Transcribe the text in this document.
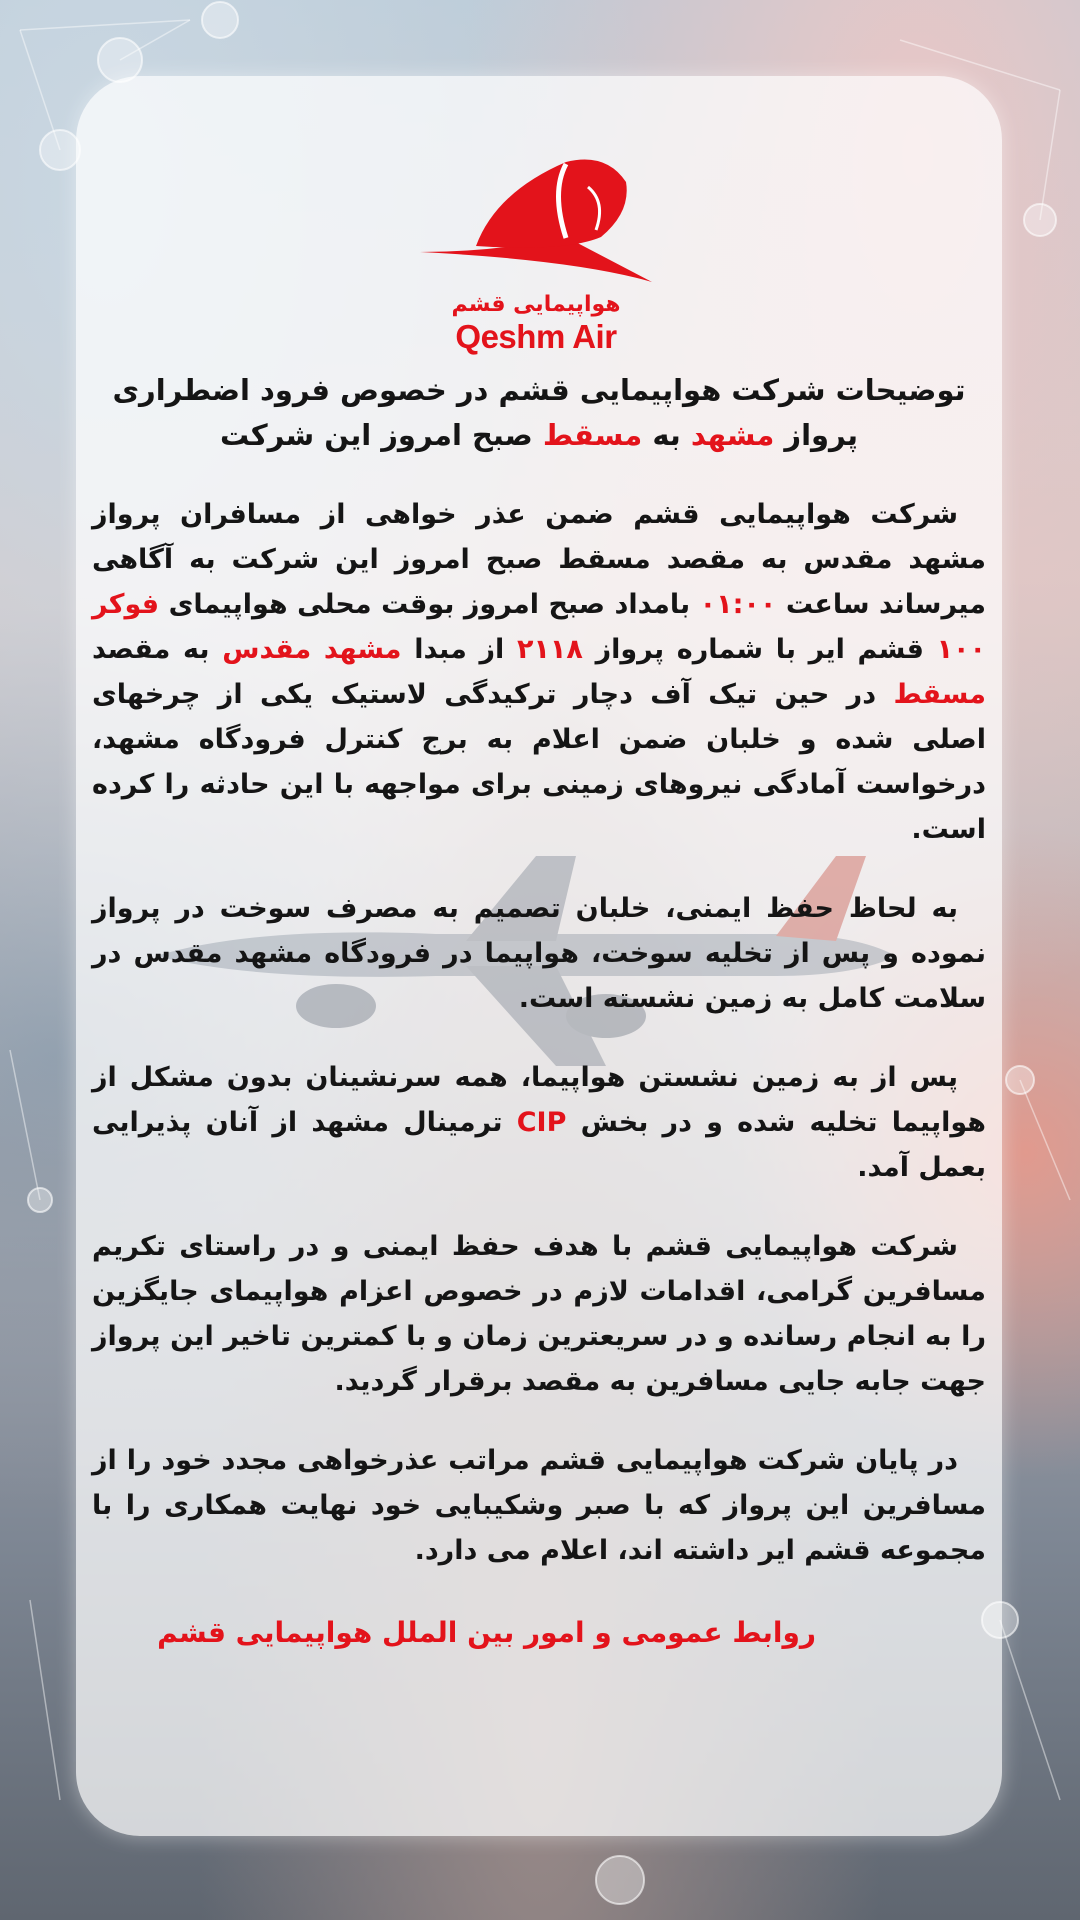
هواپیمایی قشم
Qeshm Air

توضیحات شرکت هواپیمایی قشم در خصوص فرود اضطراری پرواز مشهد به مسقط صبح امروز این شرکت

شرکت هواپیمایی قشم ضمن عذر خواهی از مسافران پرواز مشهد مقدس به مقصد مسقط صبح امروز این شرکت به آگاهی میرساند ساعت ۰۱:۰۰ بامداد صبح امروز بوقت محلی هواپیمای فوکر ۱۰۰ قشم ایر با شماره پرواز ۲۱۱۸ از مبدا مشهد مقدس به مقصد مسقط در حین تیک آف دچار ترکیدگی لاستیک یکی از چرخهای اصلی شده و خلبان ضمن اعلام به برج کنترل فرودگاه مشهد، درخواست آمادگی نیروهای زمینی برای مواجهه با این حادثه را کرده است.

به لحاظ حفظ ایمنی، خلبان تصمیم به مصرف سوخت در پرواز نموده و پس از تخلیه سوخت، هواپیما در فرودگاه مشهد مقدس در سلامت کامل به زمین نشسته است.

پس از به زمین نشستن هواپیما، همه سرنشینان بدون مشکل از هواپیما تخلیه شده و در بخش CIP ترمینال مشهد از آنان پذیرایی بعمل آمد.

شرکت هواپیمایی قشم با هدف حفظ ایمنی و در راستای تکریم مسافرین گرامی، اقدامات لازم در خصوص اعزام هواپیمای جایگزین را به انجام رسانده و در سریعترین زمان و با کمترین تاخیر این پرواز جهت جابه جایی مسافرین به مقصد برقرار گردید.

در پایان شرکت هواپیمایی قشم مراتب عذرخواهی مجدد خود را از مسافرین این پرواز که با صبر وشکیبایی خود نهایت همکاری را با مجموعه قشم ایر داشته اند، اعلام می دارد.

روابط عمومی و امور بین الملل هواپیمایی قشم
